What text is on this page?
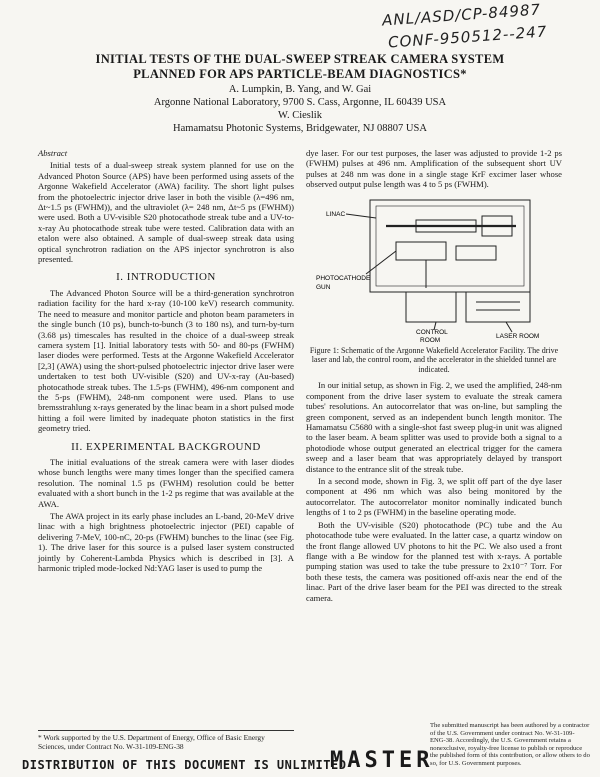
ANL/ASD/CP-84987
CONF-950512--247
INITIAL TESTS OF THE DUAL-SWEEP STREAK CAMERA SYSTEM
PLANNED FOR APS PARTICLE-BEAM DIAGNOSTICS*
A. Lumpkin, B. Yang, and W. Gai
Argonne National Laboratory, 9700 S. Cass, Argonne, IL 60439 USA
W. Cieslik
Hamamatsu Photonic Systems, Bridgewater, NJ 08807 USA
Abstract

Initial tests of a dual-sweep streak system planned for use on the Advanced Photon Source (APS) have been performed using assets of the Argonne Wakefield Accelerator (AWA) facility. The short light pulses from the photoelectric injector drive laser in both the visible (λ=496 nm, Δt~1.5 ps (FWHM)), and the ultraviolet (λ= 248 nm, Δt~5 ps (FWHM)) were used. Both a UV-visible S20 photocathode streak tube and a UV-to-x-ray Au photocathode streak tube were tested. Calibration data with an etalon were also obtained. A sample of dual-sweep streak data using optical synchrotron radiation on the APS injector synchrotron is also presented.

I. INTRODUCTION

The Advanced Photon Source will be a third-generation synchrotron radiation facility for the hard x-ray (10-100 keV) research community. The need to measure and monitor particle and photon beam parameters in the single bunch (10 ps), bunch-to-bunch (3 to 180 ns), and turn-by-turn (3.68 μs) timescales has resulted in the choice of a dual-sweep streak camera system [1]. Initial laboratory tests with 50- and 80-ps (FWHM) laser diodes were performed. Tests at the Argonne Wakefield Accelerator [2,3] (AWA) using the short-pulsed photoelectric injector drive laser were undertaken to test both UV-visible (S20) and UV-x-ray (Au-based) photocathode streak tubes. The 1.5-ps (FWHM), 496-nm component and the 5-ps (FWHM), 248-nm component were used. Plans to use bremsstrahlung x-rays generated by the linac beam in a short pulsed mode hitting a foil were limited by inadequate photon statistics in the first geometry tried.

II. EXPERIMENTAL BACKGROUND

The initial evaluations of the streak camera were with laser diodes whose bunch lengths were many times longer than the specified camera resolution. The nominal 1.5 ps (FWHM) resolution could be better evaluated with a short bunch in the 1-2 ps regime that was available at the AWA.

The AWA project in its early phase includes an L-band, 20-MeV drive linac with a high brightness photoelectric injector (PEI) capable of delivering 7-MeV, 100-nC, 20-ps (FWHM) bunches to the linac (see Fig. 1). The drive laser for this source is a pulsed laser system constructed jointly by Coherent-Lambda Physics which is described in [3]. A harmonic tripled mode-locked Nd:YAG laser is used to pump the

dye laser. For our test purposes, the laser was adjusted to provide 1-2 ps (FWHM) pulses at 496 nm. Amplification of the subsequent short UV pulses at 248 nm was done in a single stage KrF excimer laser whose observed output pulse length was 4 to 5 ps (FWHM).

LINAC
PHOTOCATHODE
GUN
CONTROL
ROOM
LASER ROOM
Figure 1: Schematic of the Argonne Wakefield Accelerator Facility. The drive laser and lab, the control room, and the accelerator in the shielded tunnel are indicated.

In our initial setup, as shown in Fig. 2, we used the amplified, 248-nm component from the drive laser system to evaluate the streak camera tubes' resolutions. An autocorrelator that was on-line, but sampling the green component, served as an independent bunch length monitor. The Hamamatsu C5680 with a single-shot fast sweep plug-in unit was aligned to the laser beam. A beam splitter was used to provide both a signal to a photodiode whose output generated an electrical trigger for the camera sweep and a laser beam that was appropriately delayed by transport distance to the entrance slit of the streak tube.

In a second mode, shown in Fig. 3, we split off part of the dye laser component at 496 nm which was also being monitored by the autocorrelator. The autocorrelator monitor nominally indicated bunch lengths of 1 to 2 ps (FWHM) in the baseline operating mode.

Both the UV-visible (S20) photocathode (PC) tube and the Au photocathode tube were evaluated. In the latter case, a quartz window on the front flange allowed UV photons to hit the PC. We also used a front flange with a Be window for the planned test with x-rays. A portable pumping station was used to take the tube pressure to 2x10⁻⁷ Torr. For both these tests, the camera was positioned off-axis near the end of the linac. Part of the drive laser beam for the PEI was directed to the streak camera.

* Work supported by the U.S. Department of Energy, Office of Basic Energy Sciences, under Contract No. W-31-109-ENG-38
The submitted manuscript has been authored by a contractor of the U.S. Government under contract No. W-31-109-ENG-38. Accordingly, the U.S. Government retains a nonexclusive, royalty-free license to publish or reproduce the published form of this contribution, or allow others to do so, for U.S. Government purposes.
DISTRIBUTION OF THIS DOCUMENT IS UNLIMITED
MASTER
